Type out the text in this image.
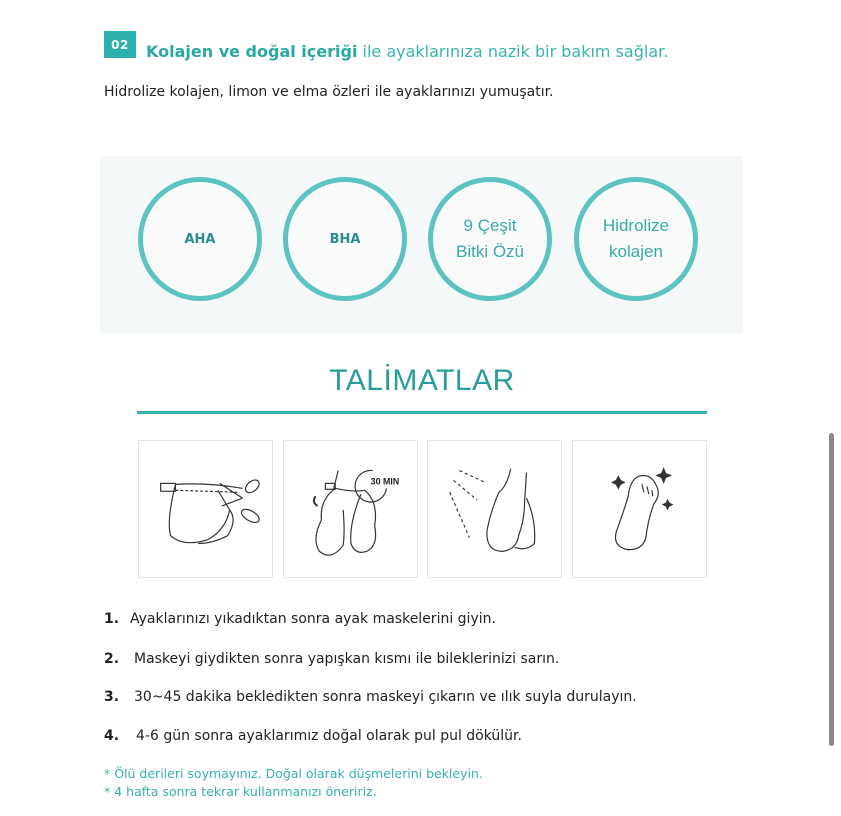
02	Kolajen ve doğal içeriği ile ayaklarınıza nazik bir bakım sağlar.
Hidrolize kolajen, limon ve elma özleri ile ayaklarınızı yumuşatır.
AHA	BHA
9 Çeşit
Bitki Özü
Hidrolize
kolajen
TALİMATLAR
30 MIN
1. Ayaklarınızı yıkadıktan sonra ayak maskelerini giyin.
2. Maskeyi giydikten sonra yapışkan kısmı ile bileklerinizi sarın.
3. 30~45 dakika bekledikten sonra maskeyi çıkarın ve ılık suyla durulayın.
4. 4-6 gün sonra ayaklarımız doğal olarak pul pul dökülür.
* Ölü derileri soymayınız. Doğal olarak düşmelerini bekleyin.
* 4 hafta sonra tekrar kullanmanızı öneririz.
